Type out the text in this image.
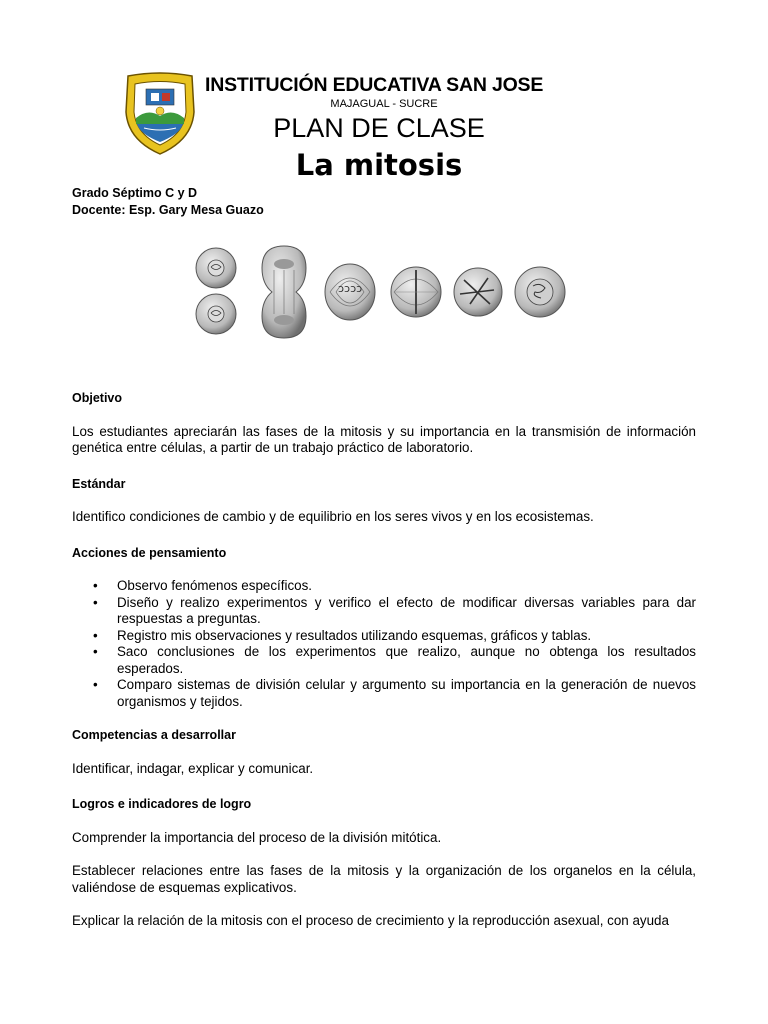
INSTITUCIÓN EDUCATIVA SAN JOSE
MAJAGUAL - SUCRE
PLAN DE CLASE
La mitosis
Grado Séptimo C y D
Docente: Esp. Gary Mesa Guazo
ɔɔɔɔ
Objetivo
Los estudiantes apreciarán las fases de la mitosis y su importancia en la transmisión de información genética entre células, a partir de un trabajo práctico de laboratorio.
Estándar
Identifico condiciones de cambio y de equilibrio en los seres vivos y en los ecosistemas.
Acciones de pensamiento
• Observo fenómenos específicos.
• Diseño y realizo experimentos y verifico el efecto de modificar diversas variables para dar respuestas a preguntas.
• Registro mis observaciones y resultados utilizando esquemas, gráficos y tablas.
• Saco conclusiones de los experimentos que realizo, aunque no obtenga los resultados esperados.
• Comparo sistemas de división celular y argumento su importancia en la generación de nuevos organismos y tejidos.
Competencias a desarrollar
Identificar, indagar, explicar y comunicar.
Logros e indicadores de logro
Comprender la importancia del proceso de la división mitótica.
Establecer relaciones entre las fases de la mitosis y la organización de los organelos en la célula, valiéndose de esquemas explicativos.
Explicar la relación de la mitosis con el proceso de crecimiento y la reproducción asexual, con ayuda
